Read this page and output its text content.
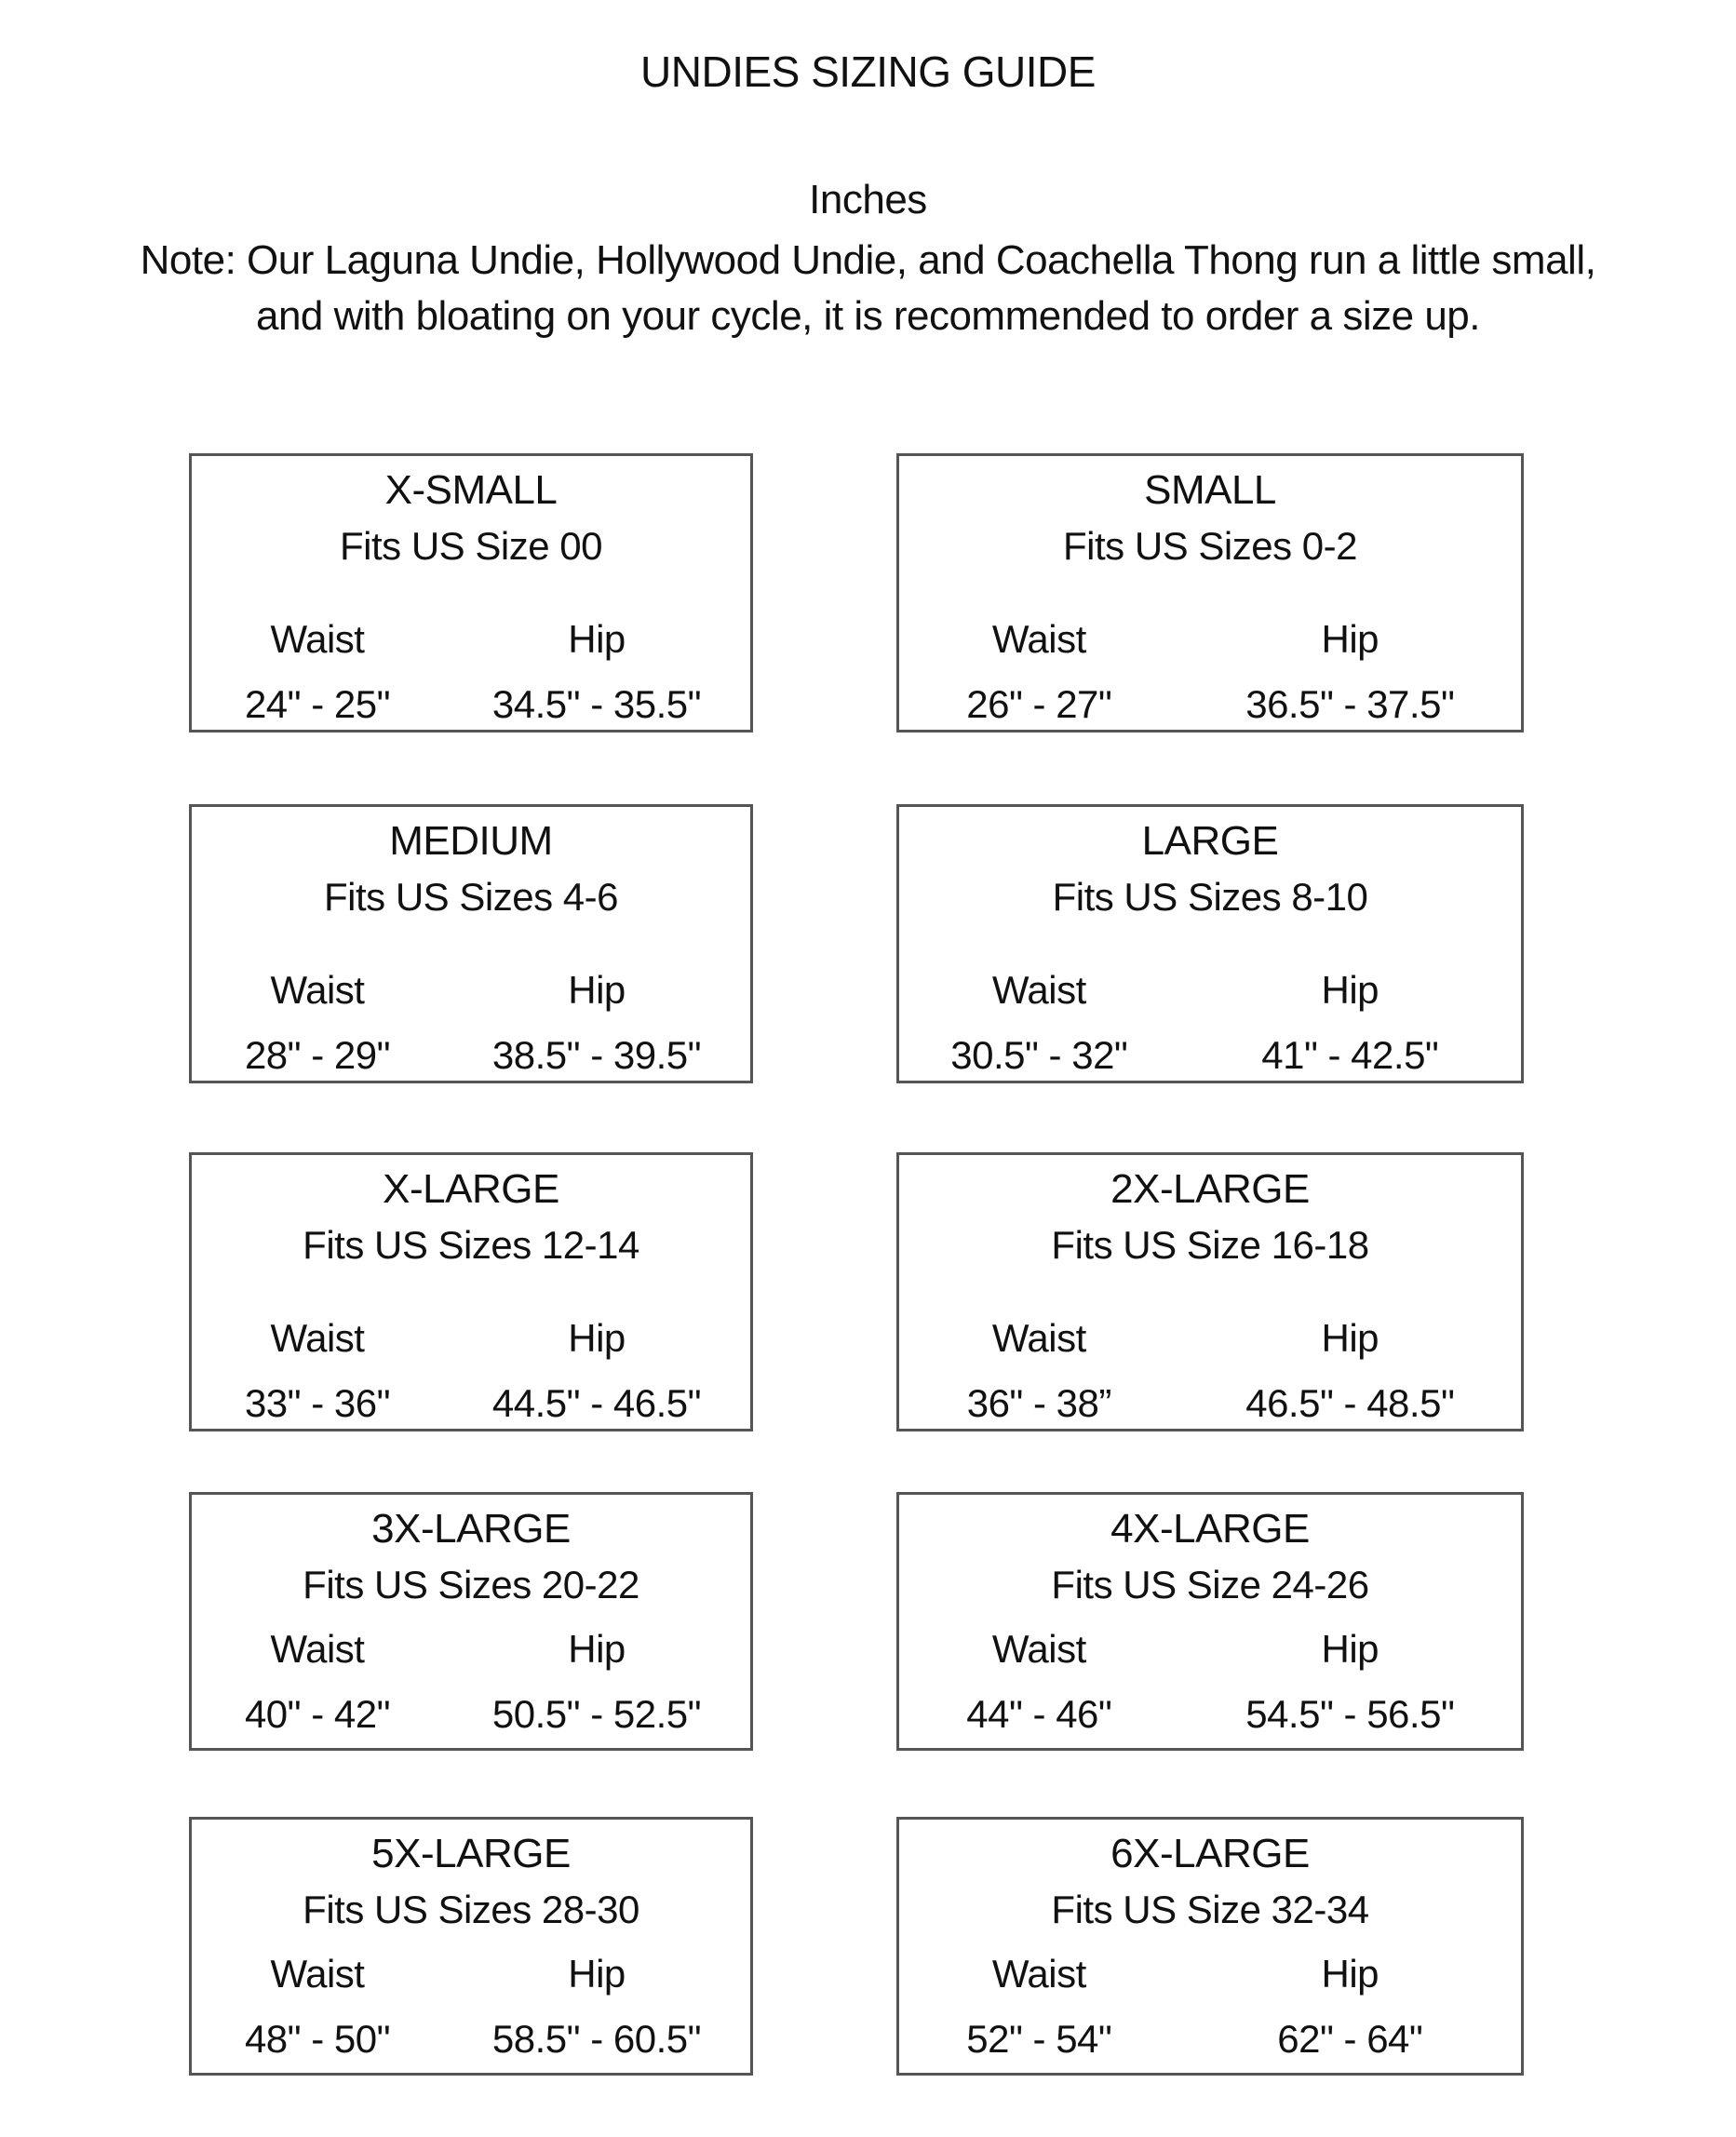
UNDIES SIZING GUIDE
Inches
Note: Our Laguna Undie, Hollywood Undie, and Coachella Thong run a little small,
and with bloating on your cycle, it is recommended to order a size up.
X-SMALL
Fits US Size 00
Waist	Hip
24" - 25"	34.5" - 35.5"
SMALL
Fits US Sizes 0-2
Waist	Hip
26" - 27"	36.5" - 37.5"
MEDIUM
Fits US Sizes 4-6
Waist	Hip
28" - 29"	38.5" - 39.5"
LARGE
Fits US Sizes 8-10
Waist	Hip
30.5" - 32"	41" - 42.5"
X-LARGE
Fits US Sizes 12-14
Waist	Hip
33" - 36"	44.5" - 46.5"
2X-LARGE
Fits US Size 16-18
Waist	Hip
36" - 38”	46.5" - 48.5"
3X-LARGE
Fits US Sizes 20-22
Waist	Hip
40" - 42"	50.5" - 52.5"
4X-LARGE
Fits US Size 24-26
Waist	Hip
44" - 46"	54.5" - 56.5"
5X-LARGE
Fits US Sizes 28-30
Waist	Hip
48" - 50"	58.5" - 60.5"
6X-LARGE
Fits US Size 32-34
Waist	Hip
52" - 54"	62" - 64"
